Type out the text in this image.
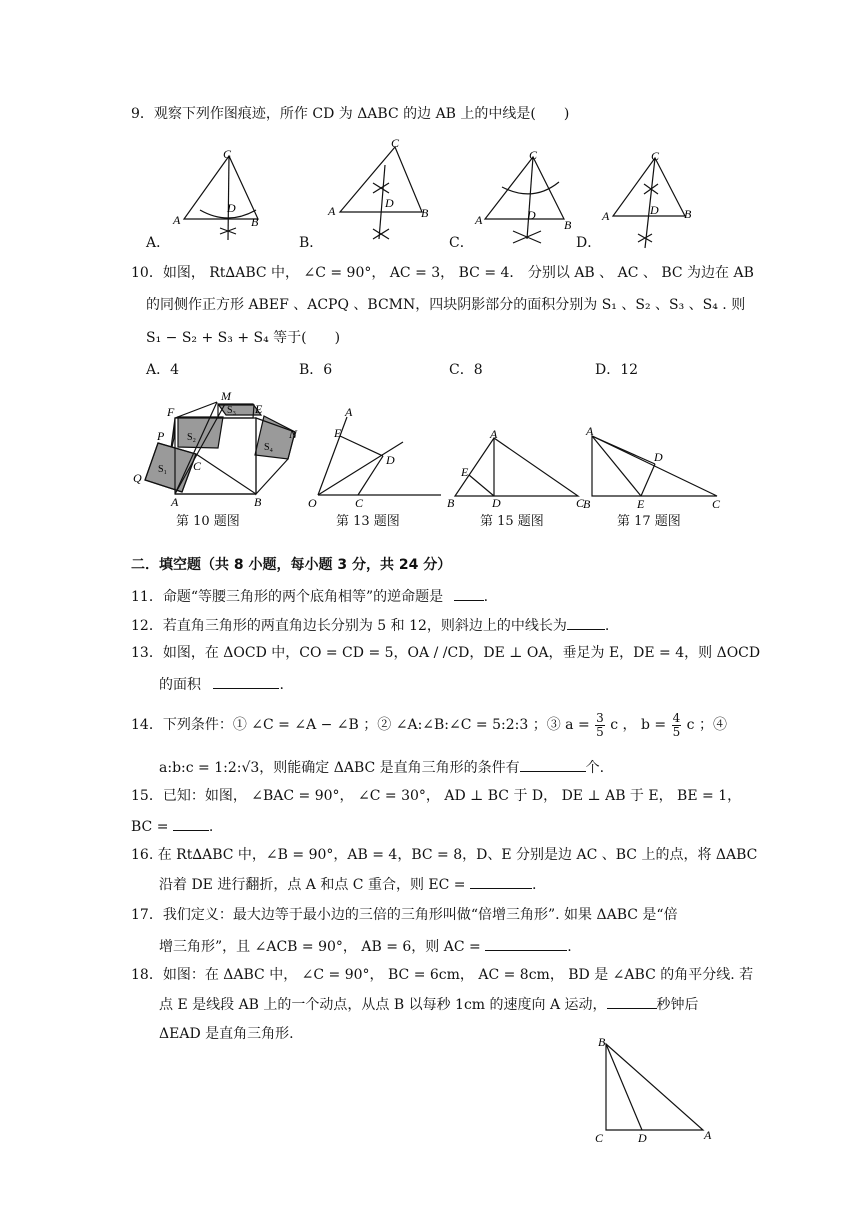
9．观察下列作图痕迹，所作 CD 为 ΔABC 的边 AB 上的中线是(　　)
C
A	B
D
C
A	B
D
C
A	B
D
C
A	B
D
A．	B．	C．	D．
10．如图， Rt∆ABC 中， ∠C = 90°， AC = 3， BC = 4． 分别以 AB 、 AC 、 BC 为边在 AB
的同侧作正方形 ABEF 、ACPQ 、BCMN，四块阴影部分的面积分别为 S₁ 、S₂ 、S₃ 、S₄ . 则
S₁ − S₂ + S₃ + S₄ 等于(　　)
A．4	B．6	C．8	D．12
M
F	E
P	N
Q
A	B
C
S₁
S₂
S₃
S₄
A
E
D
O	C
A
E
B	D	C
A
D
B	E	C
第 10 题图	第 13 题图	第 15 题图	第 17 题图
二．填空题（共 8 小题，每小题 3 分，共 24 分）
11．命题“等腰三角形的两个底角相等”的逆命题是	.
12．若直角三角形的两直角边长分别为 5 和 12，则斜边上的中线长为	.
13．如图，在 ΔOCD 中，CO = CD = 5，OA / /CD，DE ⊥ OA，垂足为 E，DE = 4，则 ΔOCD
的面积	.
14．下列条件：① ∠C = ∠A − ∠B ；② ∠A:∠B:∠C = 5:2:3 ；③ $a = \frac{3}{5}$ c ， $b = \frac{4}{5}$ c ；④
a:b:c = 1:2:√3，则能确定 ΔABC 是直角三角形的条件有	个.
15．已知：如图， ∠BAC = 90°， ∠C = 30°， AD ⊥ BC 于 D， DE ⊥ AB 于 E， BE = 1，
BC =	.
16. 在 Rt∆ABC 中，∠B = 90°，AB = 4，BC = 8，D、E 分别是边 AC 、BC 上的点，将 ΔABC
沿着 DE 进行翻折，点 A 和点 C 重合，则 EC =	.
17．我们定义：最大边等于最小边的三倍的三角形叫做“倍增三角形”. 如果 ΔABC 是“倍
增三角形”，且 ∠ACB = 90°， AB = 6，则 AC =	.
18．如图：在 ΔABC 中， ∠C = 90°， BC = 6cm， AC = 8cm， BD 是 ∠ABC 的角平分线. 若
点 E 是线段 AB 上的一个动点，从点 B 以每秒 1cm 的速度向 A 运动，	秒钟后
ΔEAD 是直角三角形.	B
C	D	A
